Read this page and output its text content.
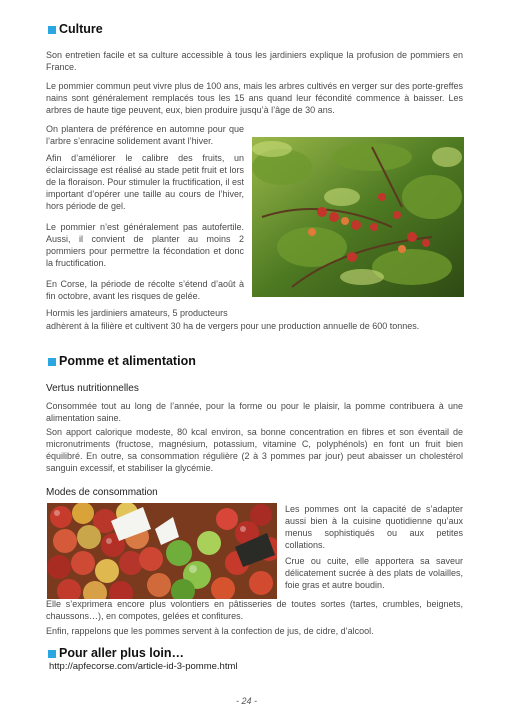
Culture
Son entretien facile et sa culture accessible à tous les jardiniers explique la profusion de pommiers en France.
Le pommier commun peut vivre plus de 100 ans, mais les arbres cultivés en verger sur des porte-greffes nains sont généralement remplacés tous les 15 ans quand leur fécondité commence à baisser. Les arbres de haute tige peuvent, eux, bien produire jusqu’à l’âge de 30 ans.
On plantera de préférence en automne pour que l’arbre s’enracine solidement avant l’hiver.
Afin d’améliorer le calibre des fruits, un éclaircissage est réalisé au stade petit fruit et lors de la floraison. Pour stimuler la fructification, il est important d’opérer une taille au cours de l’hiver, hors période de gel.
Le pommier n’est généralement pas autofertile. Aussi, il convient de planter au moins 2 pommiers pour permettre la fécondation et donc la fructification.
En Corse, la période de récolte s’étend d’août à fin octobre, avant les risques de gelée.
Hormis les jardiniers amateurs, 5 producteurs
adhèrent à la filière et cultivent 30 ha de vergers pour une production annuelle de 600 tonnes.
Pomme et alimentation
Vertus nutritionnelles
Consommée tout au long de l’année, pour la forme ou pour le plaisir, la pomme contribuera à une alimentation saine.
Son apport calorique modeste, 80 kcal environ, sa bonne concentration en fibres et son éventail de micronutriments (fructose, magnésium, potassium, vitamine C, polyphénols) en font un fruit bien équilibré. En outre, sa consommation régulière (2 à 3 pommes par jour) peut abaisser un cholestérol sanguin excessif, et stabiliser la glycémie.
Modes de consommation
Les pommes ont la capacité de s’adapter aussi bien à la cuisine quotidienne qu’aux menus sophistiqués ou aux petites collations.
Crue ou cuite, elle apportera sa saveur délicatement sucrée à des plats de volailles, foie gras et autre boudin.
Elle s’exprimera encore plus volontiers en pâtisseries de toutes sortes (tartes, crumbles, beignets, chaussons…), en compotes, gelées et confitures.
Enfin, rappelons que les pommes servent à la confection de jus, de cidre, d’alcool.
Pour aller plus loin…
http://apfecorse.com/article-id-3-pomme.html
- 24 -
